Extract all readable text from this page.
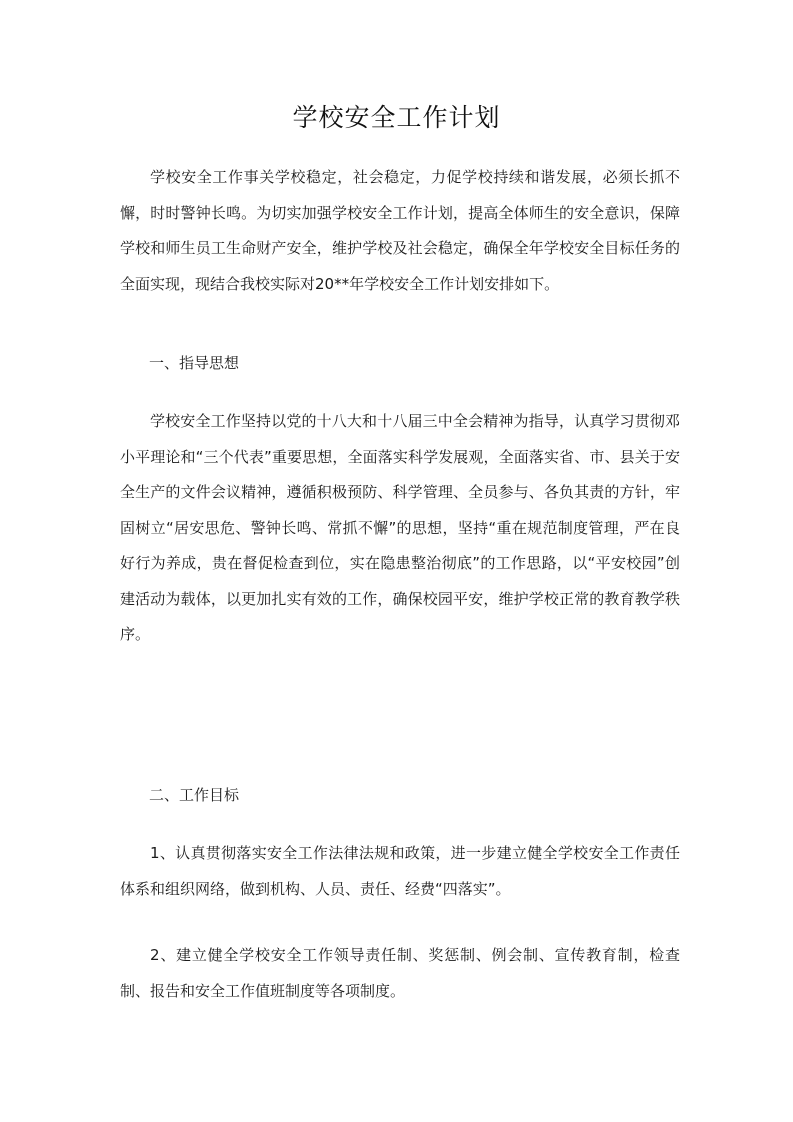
学校安全工作计划

学校安全工作事关学校稳定，社会稳定，力促学校持续和谐发展，必须长抓不懈，时时警钟长鸣。为切实加强学校安全工作计划，提高全体师生的安全意识，保障学校和师生员工生命财产安全，维护学校及社会稳定，确保全年学校安全目标任务的全面实现，现结合我校实际对20**年学校安全工作计划安排如下。

一、指导思想

学校安全工作坚持以党的十八大和十八届三中全会精神为指导，认真学习贯彻邓小平理论和“三个代表”重要思想，全面落实科学发展观，全面落实省、市、县关于安全生产的文件会议精神，遵循积极预防、科学管理、全员参与、各负其责的方针，牢固树立“居安思危、警钟长鸣、常抓不懈”的思想，坚持“重在规范制度管理，严在良好行为养成，贵在督促检查到位，实在隐患整治彻底”的工作思路，以“平安校园”创建活动为载体，以更加扎实有效的工作，确保校园平安，维护学校正常的教育教学秩序。

二、工作目标

1、认真贯彻落实安全工作法律法规和政策，进一步建立健全学校安全工作责任体系和组织网络，做到机构、人员、责任、经费“四落实”。

2、建立健全学校安全工作领导责任制、奖惩制、例会制、宣传教育制，检查制、报告和安全工作值班制度等各项制度。
